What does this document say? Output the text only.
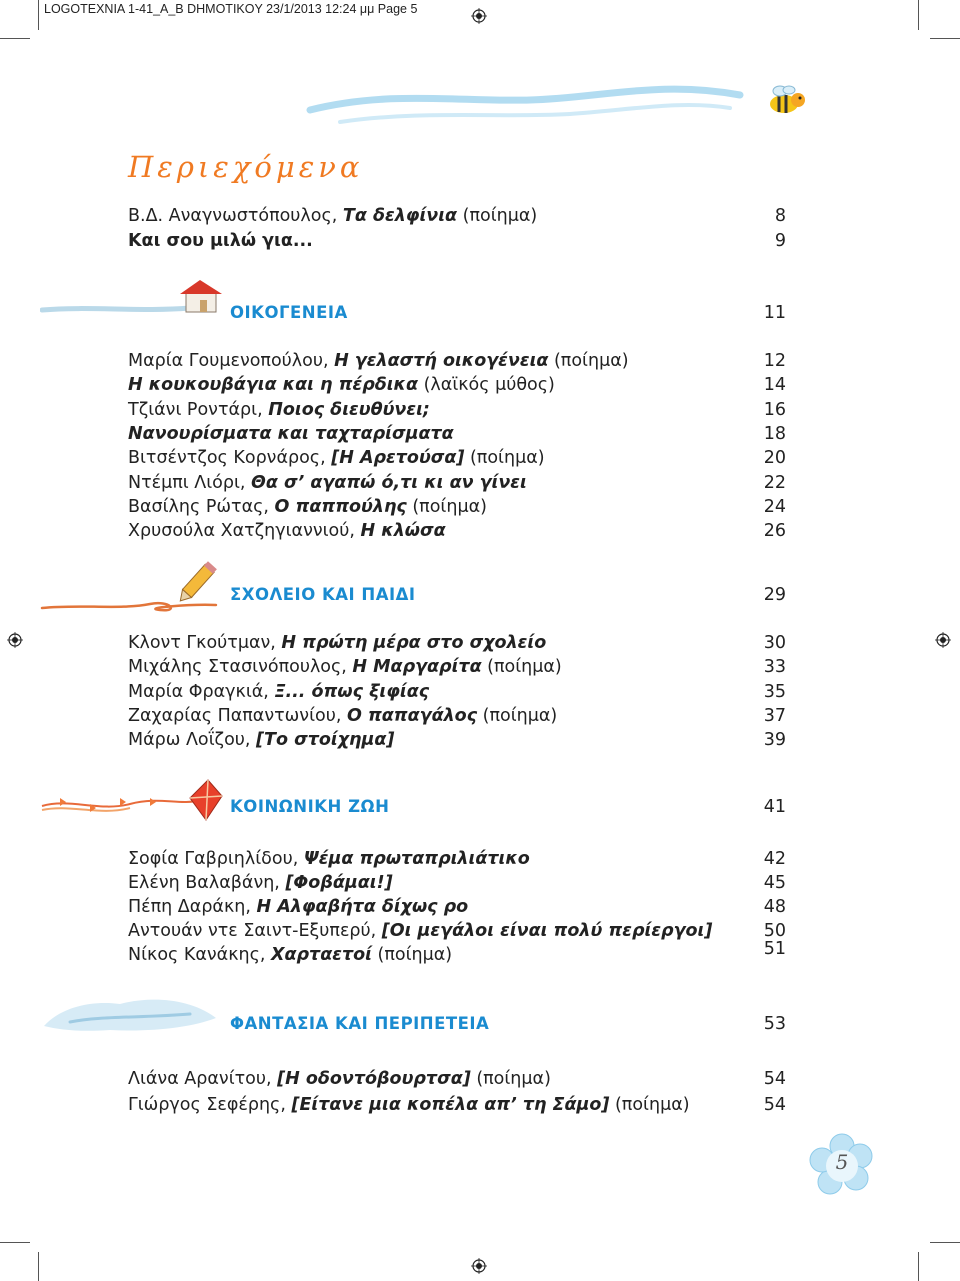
LOGOTEXNIA 1-41_A_B DHMOTIKOY 23/1/2013 12:24 μμ Page 5
Περιεχόμενα
Β.Δ. Αναγνωστόπουλος, Τα δελφίνια (ποίημα)	8
Και σου μιλώ για...	9
ΟΙΚΟΓΕΝΕΙΑ	11
Μαρία Γουμενοπούλου, Η γελαστή οικογένεια (ποίημα)	12
Η κουκουβάγια και η πέρδικα (λαϊκός μύθος)	14
Τζιάνι Ροντάρι, Ποιος διευθύνει;	16
Νανουρίσματα και ταχταρίσματα	18
Βιτσέντζος Κορνάρος, [Η Αρετούσα] (ποίημα)	20
Ντέμπι Λιόρι, Θα σ’ αγαπώ ό,τι κι αν γίνει	22
Βασίλης Ρώτας, Ο παππούλης (ποίημα)	24
Χρυσούλα Χατζηγιαννιού, Η κλώσα	26
ΣΧΟΛΕΙΟ ΚΑΙ ΠΑΙΔΙ	29
Κλοντ Γκούτμαν, Η πρώτη μέρα στο σχολείο	30
Μιχάλης Στασινόπουλος, Η Μαργαρίτα (ποίημα)	33
Μαρία Φραγκιά, Ξ... όπως ξιφίας	35
Ζαχαρίας Παπαντωνίου, Ο παπαγάλος (ποίημα)	37
Μάρω Λοΐζου, [Το στοίχημα]	39
ΚΟΙΝΩΝΙΚΗ ΖΩΗ	41
Σοφία Γαβριηλίδου, Ψέμα πρωταπριλιάτικο	42
Ελένη Βαλαβάνη, [Φοβάμαι!]	45
Πέπη Δαράκη, Η Αλφαβήτα δίχως ρο	48
Αντουάν ντε Σαιντ-Εξυπερύ, [Οι μεγάλοι είναι πολύ περίεργοι]	50
Νίκος Κανάκης, Χαρταετοί (ποίημα)	51
ΦΑΝΤΑΣΙΑ ΚΑΙ ΠΕΡΙΠΕΤΕΙΑ	53
Λιάνα Αρανίτου, [Η οδοντόβουρτσα] (ποίημα)	54
Γιώργος Σεφέρης, [Είτανε μια κοπέλα απ’ τη Σάμο] (ποίημα)	54
5
